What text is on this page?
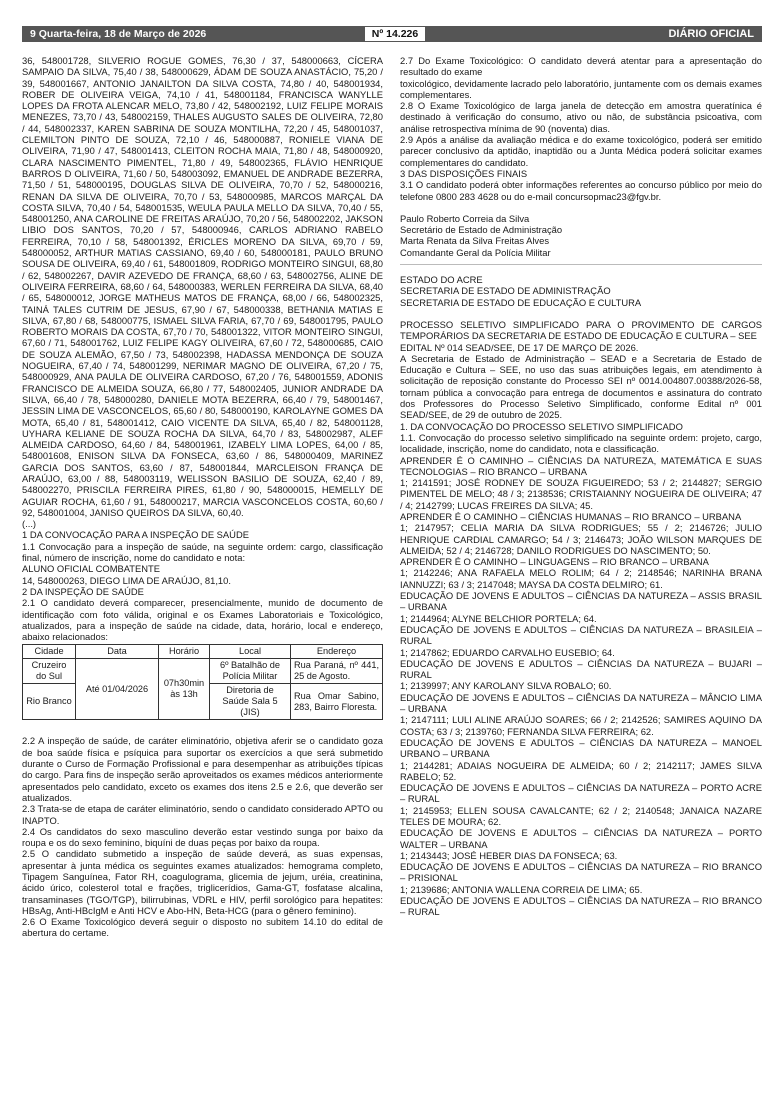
9 Quarta-feira, 18 de Março de 2026	Nº 14.226	DIÁRIO OFICIAL

36, 548001728, SILVERIO ROGUE GOMES, 76,30 / 37, 548000663, CÍCERA SAMPAIO DA SILVA, 75,40 / 38, 548000629, ÁDAM DE SOUZA ANASTÁCIO, 75,20 / 39, 548001667, ANTONIO JANAILTON DA SILVA COSTA, 74,80 / 40, 548001934, ROBER DE OLIVEIRA VEIGA, 74,10 / 41, 548001184, FRANCISCA WANYLLE LOPES DA FROTA ALENCAR MELO, 73,80 / 42, 548002192, LUIZ FELIPE MORAIS MENEZES, 73,70 / 43, 548002159, THALES AUGUSTO SALES DE OLIVEIRA, 72,80 / 44, 548002337, KAREN SABRINA DE SOUZA MONTILHA, 72,20 / 45, 548001037, CLEMILTON PINTO DE SOUZA, 72,10 / 46, 548000887, RONIELE VIANA DE OLIVEIRA, 71,90 / 47, 548001413, CLEITON ROCHA MAIA, 71,80 / 48, 548000920, CLARA NASCIMENTO PIMENTEL, 71,80 / 49, 548002365, FLÁVIO HENRIQUE BARROS D OLIVEIRA, 71,60 / 50, 548003092, EMANUEL DE ANDRADE BEZERRA, 71,50 / 51, 548000195, DOUGLAS SILVA DE OLIVEIRA, 70,70 / 52, 548000216, RENAN DA SILVA DE OLIVEIRA, 70,70 / 53, 548000985, MARCOS MARÇAL DA COSTA SILVA, 70,40 / 54, 548001535, WEULA PAULA MELLO DA SILVA, 70,40 / 55, 548001250, ANA CAROLINE DE FREITAS ARAÚJO, 70,20 / 56, 548002202, JAKSON LIBIO DOS SANTOS, 70,20 / 57, 548000946, CARLOS ADRIANO RABELO FERREIRA, 70,10 / 58, 548001392, ÉRICLES MORENO DA SILVA, 69,70 / 59, 548000052, ARTHUR MATIAS CASSIANO, 69,40 / 60, 548000181, PAULO BRUNO SOUSA DE OLIVEIRA, 69,40 / 61, 548001809, RODRIGO MONTEIRO SINGUI, 68,80 / 62, 548002267, DAVIR AZEVEDO DE FRANÇA, 68,60 / 63, 548002756, ALINE DE OLIVEIRA FERREIRA, 68,60 / 64, 548000383, WERLEN FERREIRA DA SILVA, 68,40 / 65, 548000012, JORGE MATHEUS MATOS DE FRANÇA, 68,00 / 66, 548002325, TAINÁ TALES CUTRIM DE JESUS, 67,90 / 67, 548000338, BETHANIA MATIAS E SILVA, 67,80 / 68, 548000775, ISMAEL SILVA FARIA, 67,70 / 69, 548001795, PAULO ROBERTO MORAIS DA COSTA, 67,70 / 70, 548001322, VITOR MONTEIRO SINGUI, 67,60 / 71, 548001762, LUIZ FELIPE KAGY OLIVEIRA, 67,60 / 72, 548000685, CAIO DE SOUZA ALEMÃO, 67,50 / 73, 548002398, HADASSA MENDONÇA DE SOUZA NOGUEIRA, 67,40 / 74, 548001299, NERIMAR MAGNO DE OLIVEIRA, 67,20 / 75, 548000929, ANA PAULA DE OLIVEIRA CARDOSO, 67,20 / 76, 548001559, ADONIS FRANCISCO DE ALMEIDA SOUZA, 66,80 / 77, 548002405, JUNIOR ANDRADE DA SILVA, 66,40 / 78, 548000280, DANIELE MOTA BEZERRA, 66,40 / 79, 548001467, JESSIN LIMA DE VASCONCELOS, 65,60 / 80, 548000190, KAROLAYNE GOMES DA MOTA, 65,40 / 81, 548001412, CAIO VICENTE DA SILVA, 65,40 / 82, 548001128, UYHARA KELIANE DE SOUZA ROCHA DA SILVA, 64,70 / 83, 548002987, ALEF ALMEIDA CARDOSO, 64,60 / 84, 548001961, IZABELY LIMA LOPES, 64,00 / 85, 548001608, ENISON SILVA DA FONSECA, 63,60 / 86, 548000409, MARINEZ GARCIA DOS SANTOS, 63,60 / 87, 548001844, MARCLEISON FRANÇA DE ARAÚJO, 63,00 / 88, 548003119, WELISSON BASILIO DE SOUZA, 62,40 / 89, 548002270, PRISCILA FERREIRA PIRES, 61,80 / 90, 548000015, HEMELLY DE AGUIAR ROCHA, 61,60 / 91, 548000217, MARCIA VASCONCELOS COSTA, 60,60 / 92, 548001004, JANISO QUEIROS DA SILVA, 60,40.

(...)

1 DA CONVOCAÇÃO PARA A INSPEÇÃO DE SAÚDE

1.1 Convocação para a inspeção de saúde, na seguinte ordem: cargo, classificação final, número de inscrição, nome do candidato e nota:

ALUNO OFICIAL COMBATENTE

14, 548000263, DIEGO LIMA DE ARAÚJO, 81,10.

2 DA INSPEÇÃO DE SAÚDE

2.1 O candidato deverá comparecer, presencialmente, munido de documento de identificação com foto válida, original e os Exames Laboratoriais e Toxicológico, atualizados, para a inspeção de saúde na cidade, data, horário, local e endereço, abaixo relacionados:

Cidade	Data	Horário	Local	Endereço
Cruzeiro do Sul	Até 01/04/2026	07h30min às 13h	6º Batalhão de Polícia Militar	Rua Paraná, nº 441, 25 de Agosto.
Rio Branco			Diretoria de Saúde Sala 5 (JIS)	Rua Omar Sabino, 283, Bairro Floresta.

2.2 A inspeção de saúde, de caráter eliminatório, objetiva aferir se o candidato goza de boa saúde física e psíquica para suportar os exercícios a que será submetido durante o Curso de Formação Profissional e para desempenhar as atribuições típicas do cargo. Para fins de inspeção serão aproveitados os exames médicos anteriormente apresentados pelo candidato, exceto os exames dos itens 2.5 e 2.6, que deverão ser atualizados.

2.3 Trata-se de etapa de caráter eliminatório, sendo o candidato considerado APTO ou INAPTO.

2.4 Os candidatos do sexo masculino deverão estar vestindo sunga por baixo da roupa e os do sexo feminino, biquíni de duas peças por baixo da roupa.

2.5 O candidato submetido a inspeção de saúde deverá, as suas expensas, apresentar à junta médica os seguintes exames atualizados: hemograma completo, Tipagem Sanguínea, Fator RH, coagulograma, glicemia de jejum, uréia, creatinina, ácido úrico, colesterol total e frações, triglicerídios, Gama-GT, fosfatase alcalina, transaminases (TGO/TGP), bilirrubinas, VDRL e HIV, perfil sorológico para hepatites: HBsAg, Anti-HBcIgM e Anti HCV e Abo-HN, Beta-HCG (para o gênero feminino).

2.6 O Exame Toxicológico deverá seguir o disposto no subitem 14.10 do edital de abertura do certame.

2.7 Do Exame Toxicológico: O candidato deverá atentar para a apresentação do resultado do exame

toxicológico, devidamente lacrado pelo laboratório, juntamente com os demais exames complementares.

2.8 O Exame Toxicológico de larga janela de detecção em amostra queratínica é destinado à verificação do consumo, ativo ou não, de substância psicoativa, com análise retrospectiva mínima de 90 (noventa) dias.

2.9 Após a análise da avaliação médica e do exame toxicológico, poderá ser emitido parecer conclusivo da aptidão, inaptidão ou a Junta Médica poderá solicitar exames complementares do candidato.

3 DAS DISPOSIÇÕES FINAIS

3.1 O candidato poderá obter informações referentes ao concurso público por meio do telefone 0800 283 4628 ou do e-mail concursopmac23@fgv.br.

Paulo Roberto Correia da Silva

Secretário de Estado de Administração

Marta Renata da Silva Freitas Alves

Comandante Geral da Polícia Militar

ESTADO DO ACRE

SECRETARIA DE ESTADO DE ADMINISTRAÇÃO

SECRETARIA DE ESTADO DE EDUCAÇÃO E CULTURA

PROCESSO SELETIVO SIMPLIFICADO PARA O PROVIMENTO DE CARGOS TEMPORÁRIOS DA SECRETARIA DE ESTADO DE EDUCAÇÃO E CULTURA – SEE

EDITAL Nº 014 SEAD/SEE, DE 17 DE MARÇO DE 2026.

A Secretaria de Estado de Administração – SEAD e a Secretaria de Estado de Educação e Cultura – SEE, no uso das suas atribuições legais, em atendimento à solicitação de reposição constante do Processo SEI nº 0014.004807.00388/2026-58, tornam pública a convocação para entrega de documentos e assinatura do contrato dos Professores do Processo Seletivo Simplificado, conforme Edital nº 001 SEAD/SEE, de 29 de outubro de 2025.

1. DA CONVOCAÇÃO DO PROCESSO SELETIVO SIMPLIFICADO

1.1. Convocação do processo seletivo simplificado na seguinte ordem: projeto, cargo, localidade, inscrição, nome do candidato, nota e classificação.

APRENDER É O CAMINHO – CIÊNCIAS DA NATUREZA, MATEMÁTICA E SUAS TECNOLOGIAS – RIO BRANCO – URBANA

1; 2141591; JOSÉ RODNEY DE SOUZA FIGUEIREDO; 53 / 2; 2144827; SERGIO PIMENTEL DE MELO; 48 / 3; 2138536; CRISTAIANNY NOGUEIRA DE OLIVEIRA; 47 / 4; 2142799; LUCAS FREIRES DA SILVA; 45.

APRENDER É O CAMINHO – CIÊNCIAS HUMANAS – RIO BRANCO – URBANA

1; 2147957; CELIA MARIA DA SILVA RODRIGUES; 55 / 2; 2146726; JULIO HENRIQUE CARDIAL CAMARGO; 54 / 3; 2146473; JOÃO WILSON MARQUES DE ALMEIDA; 52 / 4; 2146728; DANILO RODRIGUES DO NASCIMENTO; 50.

APRENDER É O CAMINHO – LINGUAGENS – RIO BRANCO – URBANA

1; 2142246; ANA RAFAELA MELO ROLIM; 64 / 2; 2148546; NARINHA BRANA IANNUZZI; 63 / 3; 2147048; MAYSA DA COSTA DELMIRO; 61.

EDUCAÇÃO DE JOVENS E ADULTOS – CIÊNCIAS DA NATUREZA – ASSIS BRASIL – URBANA

1; 2144964; ALYNE BELCHIOR PORTELA; 64.

EDUCAÇÃO DE JOVENS E ADULTOS – CIÊNCIAS DA NATUREZA – BRASILEIA – RURAL

1; 2147862; EDUARDO CARVALHO EUSEBIO; 64.

EDUCAÇÃO DE JOVENS E ADULTOS – CIÊNCIAS DA NATUREZA – BUJARI – RURAL

1; 2139997; ANY KAROLANY SILVA ROBALO; 60.

EDUCAÇÃO DE JOVENS E ADULTOS – CIÊNCIAS DA NATUREZA – MÂNCIO LIMA – URBANA

1; 2147111; LULI ALINE ARAÚJO SOARES; 66 / 2; 2142526; SAMIRES AQUINO DA COSTA; 63 / 3; 2139760; FERNANDA SILVA FERREIRA; 62.

EDUCAÇÃO DE JOVENS E ADULTOS – CIÊNCIAS DA NATUREZA – MANOEL URBANO – URBANA

1; 2144281; ADAIAS NOGUEIRA DE ALMEIDA; 60 / 2; 2142117; JAMES SILVA RABELO; 52.

EDUCAÇÃO DE JOVENS E ADULTOS – CIÊNCIAS DA NATUREZA – PORTO ACRE – RURAL

1; 2145953; ELLEN SOUSA CAVALCANTE; 62 / 2; 2140548; JANAICA NAZARE TELES DE MOURA; 62.

EDUCAÇÃO DE JOVENS E ADULTOS – CIÊNCIAS DA NATUREZA – PORTO WALTER – URBANA

1; 2143443; JOSÉ HEBER DIAS DA FONSECA; 63.

EDUCAÇÃO DE JOVENS E ADULTOS – CIÊNCIAS DA NATUREZA – RIO BRANCO – PRISIONAL

1; 2139686; ANTONIA WALLENA CORREIA DE LIMA; 65.

EDUCAÇÃO DE JOVENS E ADULTOS – CIÊNCIAS DA NATUREZA – RIO BRANCO – RURAL
